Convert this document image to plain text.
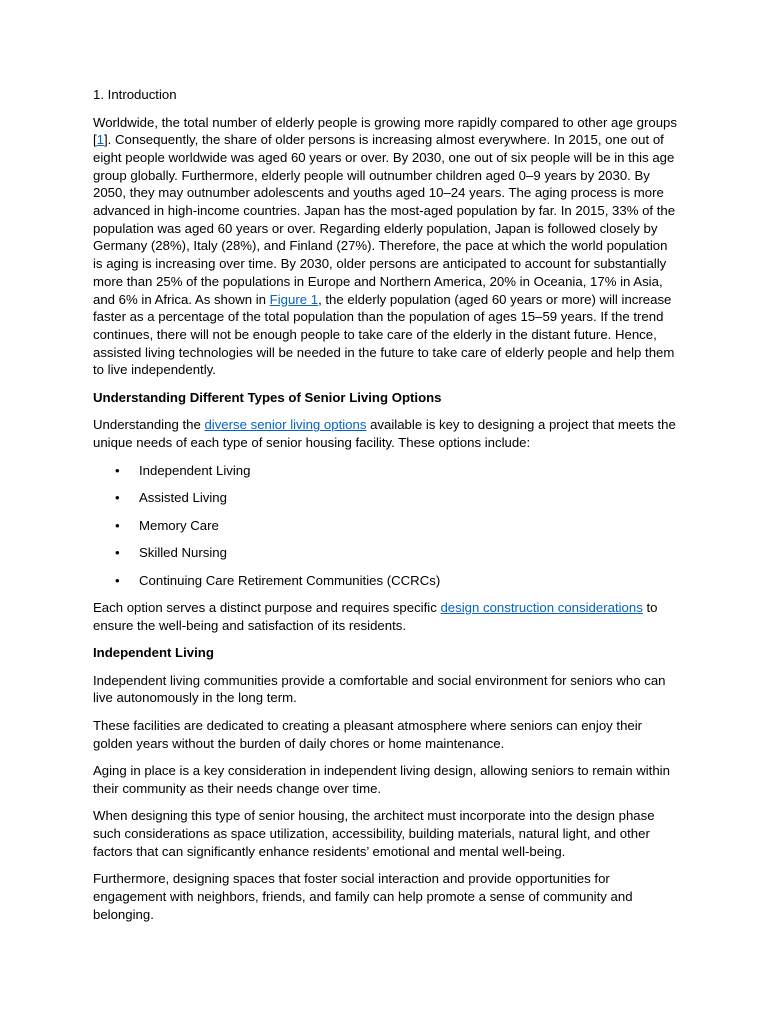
1. Introduction

Worldwide, the total number of elderly people is growing more rapidly compared to other age groups [1]. Consequently, the share of older persons is increasing almost everywhere. In 2015, one out of eight people worldwide was aged 60 years or over. By 2030, one out of six people will be in this age group globally. Furthermore, elderly people will outnumber children aged 0–9 years by 2030. By 2050, they may outnumber adolescents and youths aged 10–24 years. The aging process is more advanced in high-income countries. Japan has the most-aged population by far. In 2015, 33% of the population was aged 60 years or over. Regarding elderly population, Japan is followed closely by Germany (28%), Italy (28%), and Finland (27%). Therefore, the pace at which the world population is aging is increasing over time. By 2030, older persons are anticipated to account for substantially more than 25% of the populations in Europe and Northern America, 20% in Oceania, 17% in Asia, and 6% in Africa. As shown in Figure 1, the elderly population (aged 60 years or more) will increase faster as a percentage of the total population than the population of ages 15–59 years. If the trend continues, there will not be enough people to take care of the elderly in the distant future. Hence, assisted living technologies will be needed in the future to take care of elderly people and help them to live independently.

Understanding Different Types of Senior Living Options

Understanding the diverse senior living options available is key to designing a project that meets the unique needs of each type of senior housing facility. These options include:

• Independent Living
• Assisted Living
• Memory Care
• Skilled Nursing
• Continuing Care Retirement Communities (CCRCs)

Each option serves a distinct purpose and requires specific design construction considerations to ensure the well-being and satisfaction of its residents.

Independent Living

Independent living communities provide a comfortable and social environment for seniors who can live autonomously in the long term.

These facilities are dedicated to creating a pleasant atmosphere where seniors can enjoy their golden years without the burden of daily chores or home maintenance.

Aging in place is a key consideration in independent living design, allowing seniors to remain within their community as their needs change over time.

When designing this type of senior housing, the architect must incorporate into the design phase such considerations as space utilization, accessibility, building materials, natural light, and other factors that can significantly enhance residents’ emotional and mental well-being.

Furthermore, designing spaces that foster social interaction and provide opportunities for engagement with neighbors, friends, and family can help promote a sense of community and belonging.
